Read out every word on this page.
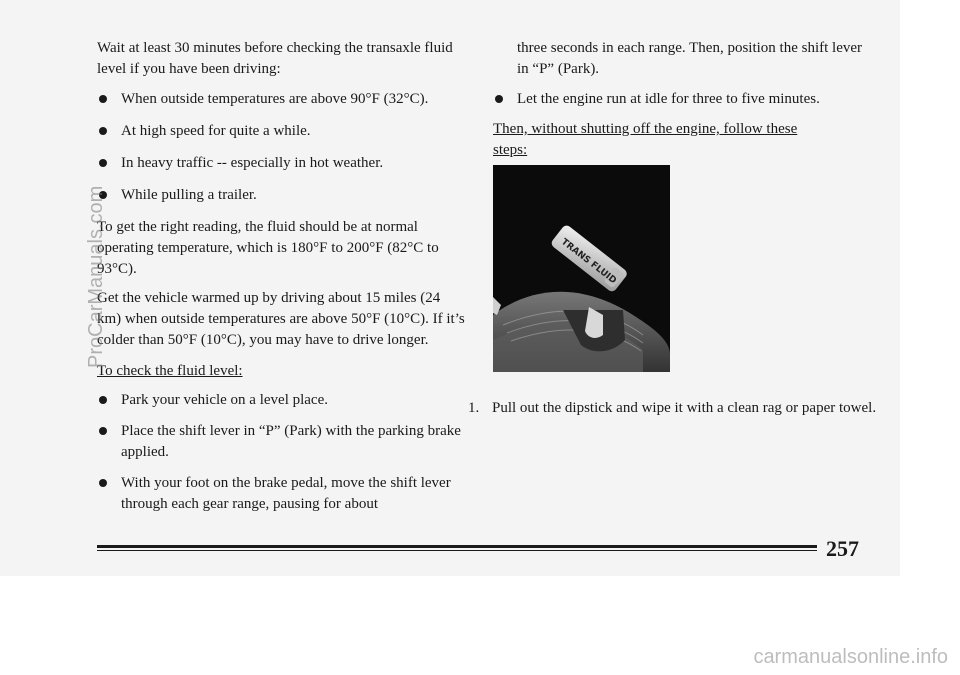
Wait at least 30 minutes before checking the transaxle fluid level if you have been driving:

When outside temperatures are above 90°F (32°C).
At high speed for quite a while.
In heavy traffic -- especially in hot weather.
While pulling a trailer.

To get the right reading, the fluid should be at normal operating temperature, which is 180°F to 200°F (82°C to 93°C).

Get the vehicle warmed up by driving about 15 miles (24 km) when outside temperatures are above 50°F (10°C). If it’s colder than 50°F (10°C), you may have to drive longer.

To check the fluid level:

Park your vehicle on a level place.
Place the shift lever in “P” (Park) with the parking brake applied.
With your foot on the brake pedal, move the shift lever through each gear range, pausing for about

three seconds in each range. Then, position the shift lever in “P” (Park).

Let the engine run at idle for three to five minutes.

Then, without shutting off the engine, follow these steps:

TRANS FLUID
1. Pull out the dipstick and wipe it with a clean rag or paper towel.
257
ProCarManuals.com
carmanualsonline.info
